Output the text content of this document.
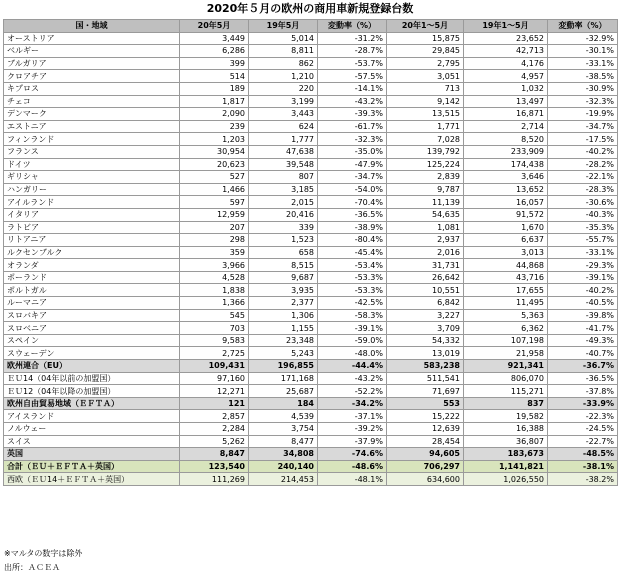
2020年５月の欧州の商用車新規登録台数
国・地域	20年5月	19年5月	変動率（%）	20年1～5月	19年1～5月	変動率（%）
オーストリア	3,449	5,014	-31.2%	15,875	23,652	-32.9%
ベルギー	6,286	8,811	-28.7%	29,845	42,713	-30.1%
ブルガリア	399	862	-53.7%	2,795	4,176	-33.1%
クロアチア	514	1,210	-57.5%	3,051	4,957	-38.5%
キプロス	189	220	-14.1%	713	1,032	-30.9%
チェコ	1,817	3,199	-43.2%	9,142	13,497	-32.3%
デンマーク	2,090	3,443	-39.3%	13,515	16,871	-19.9%
エストニア	239	624	-61.7%	1,771	2,714	-34.7%
フィンランド	1,203	1,777	-32.3%	7,028	8,520	-17.5%
フランス	30,954	47,638	-35.0%	139,792	233,909	-40.2%
ドイツ	20,623	39,548	-47.9%	125,224	174,438	-28.2%
ギリシャ	527	807	-34.7%	2,839	3,646	-22.1%
ハンガリー	1,466	3,185	-54.0%	9,787	13,652	-28.3%
アイルランド	597	2,015	-70.4%	11,139	16,057	-30.6%
イタリア	12,959	20,416	-36.5%	54,635	91,572	-40.3%
ラトビア	207	339	-38.9%	1,081	1,670	-35.3%
リトアニア	298	1,523	-80.4%	2,937	6,637	-55.7%
ルクセンブルク	359	658	-45.4%	2,016	3,013	-33.1%
オランダ	3,966	8,515	-53.4%	31,731	44,868	-29.3%
ポーランド	4,528	9,687	-53.3%	26,642	43,716	-39.1%
ポルトガル	1,838	3,935	-53.3%	10,551	17,655	-40.2%
ルーマニア	1,366	2,377	-42.5%	6,842	11,495	-40.5%
スロバキア	545	1,306	-58.3%	3,227	5,363	-39.8%
スロベニア	703	1,155	-39.1%	3,709	6,362	-41.7%
スペイン	9,583	23,348	-59.0%	54,332	107,198	-49.3%
スウェーデン	2,725	5,243	-48.0%	13,019	21,958	-40.7%
欧州連合（EU）	109,431	196,855	-44.4%	583,238	921,341	-36.7%
ＥＵ14（04年以前の加盟国）	97,160	171,168	-43.2%	511,541	806,070	-36.5%
ＥＵ12（04年以降の加盟国）	12,271	25,687	-52.2%	71,697	115,271	-37.8%
欧州自由貿易地域（ＥＦＴＡ）	121	184	-34.2%	553	837	-33.9%
アイスランド	2,857	4,539	-37.1%	15,222	19,582	-22.3%
ノルウェー	2,284	3,754	-39.2%	12,639	16,388	-24.5%
スイス	5,262	8,477	-37.9%	28,454	36,807	-22.7%
英国	8,847	34,808	-74.6%	94,605	183,673	-48.5%
合計（ＥＵ＋ＥＦＴＡ＋英国）	123,540	240,140	-48.6%	706,297	1,141,821	-38.1%
西欧（ＥＵ14＋ＥＦＴＡ＋英国）	111,269	214,453	-48.1%	634,600	1,026,550	-38.2%
※マルタの数字は除外
出所：ＡＣＥＡ
